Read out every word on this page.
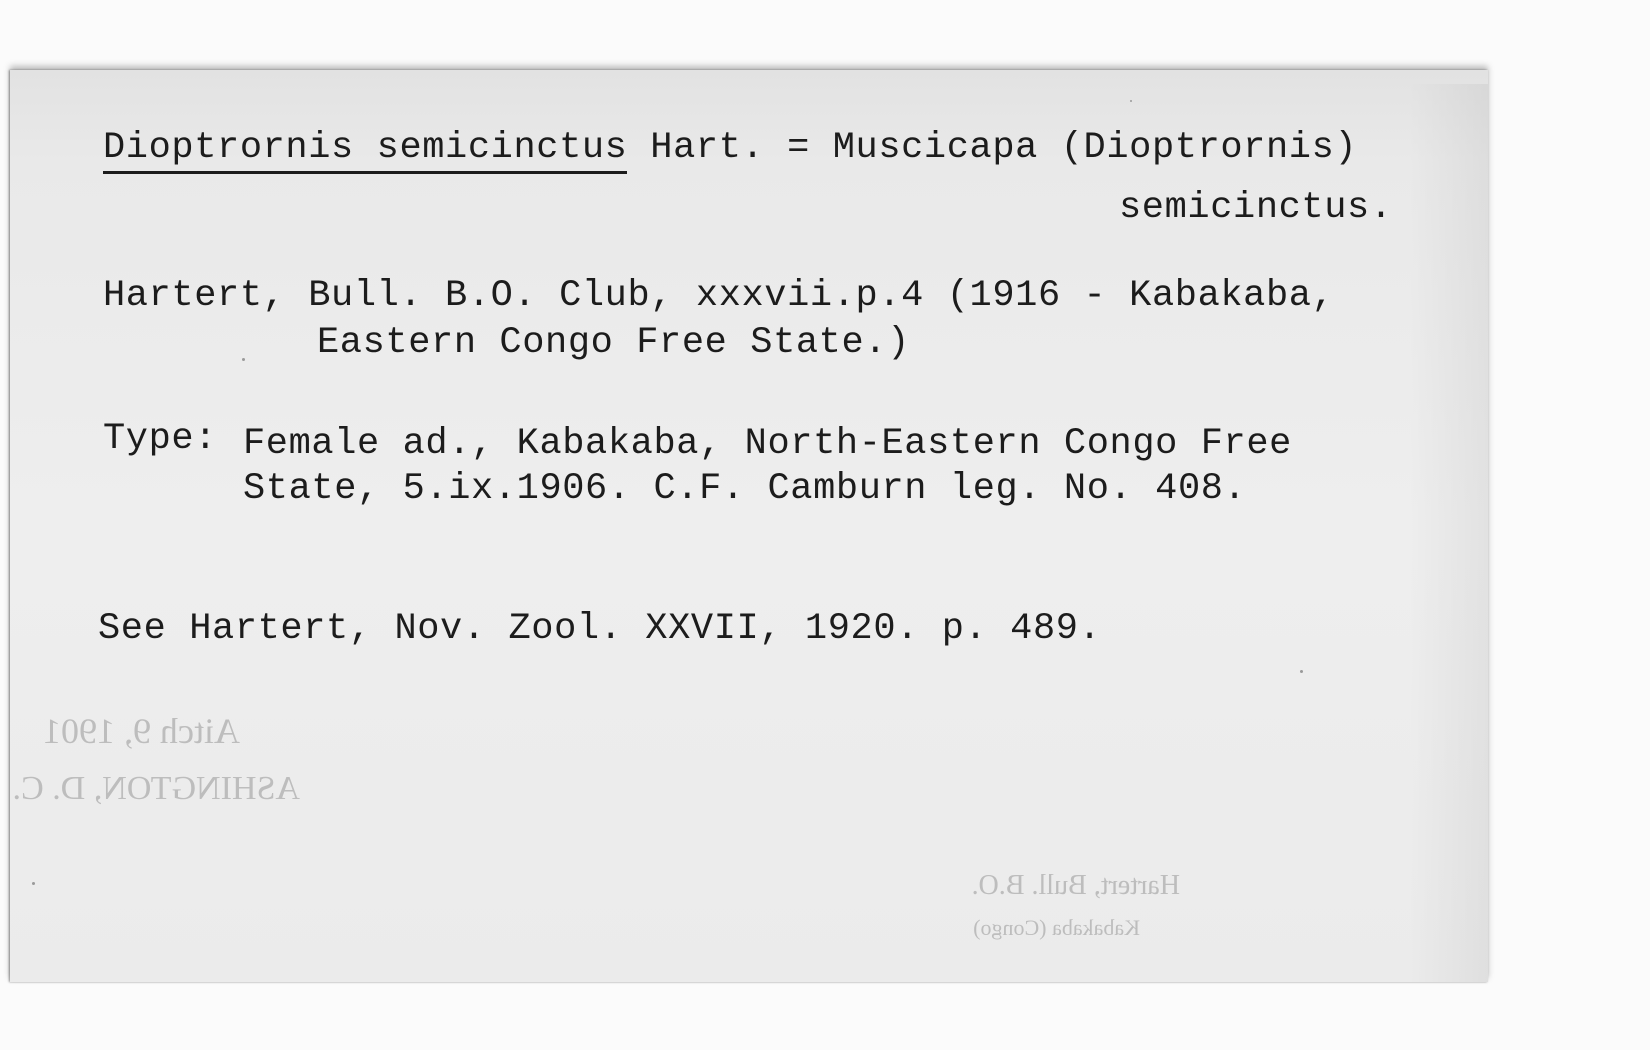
Aitch 9, 1901

ASHINGTON, D. C.

Hartert, Bull. B.O.

Kabakaba (Congo)

Dioptrornis semicinctus Hart. = Muscicapa (Dioptrornis)

semicinctus.

Hartert, Bull. B.O. Club, xxxvii.p.4 (1916 - Kabakaba,

Eastern Congo Free State.)

Type: Female ad., Kabakaba, North-Eastern Congo Free

State, 5.ix.1906. C.F. Camburn leg. No. 408.

See Hartert, Nov. Zool. XXVII, 1920. p. 489.
